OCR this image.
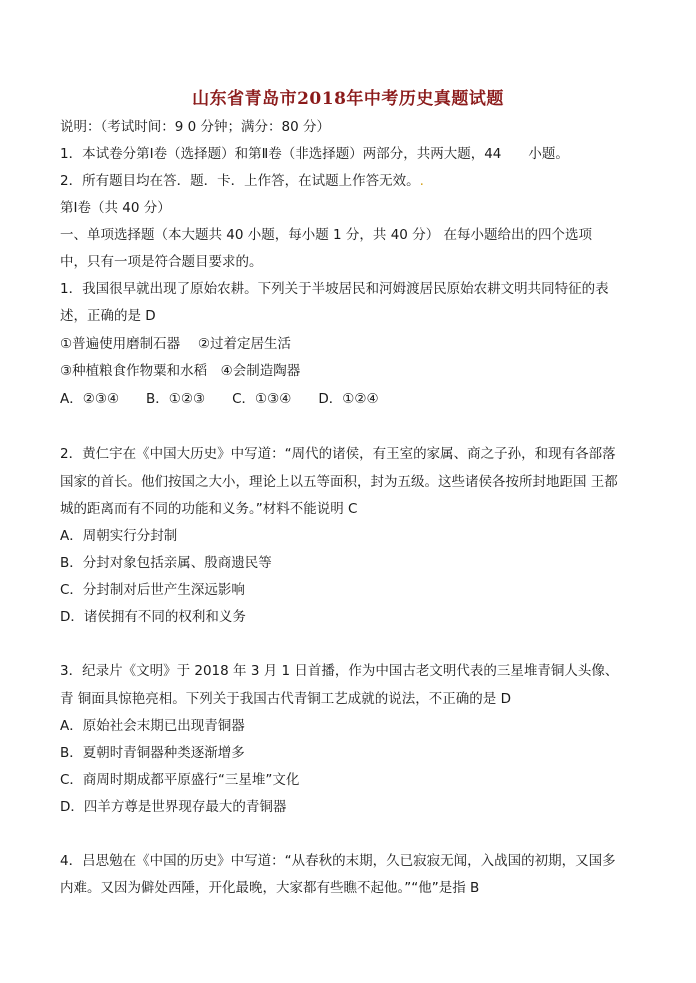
山东省青岛市2018年中考历史真题试题
说明：（考试时间：9 0 分钟；满分：80 分）
1．本试卷分第Ⅰ卷（选择题）和第Ⅱ卷（非选择题）两部分，共两大题，44　　小题。
2．所有题目均在答．题．卡．上作答，在试题上作答无效。.
第Ⅰ卷（共 40 分）
一、单项选择题（本大题共 40 小题，每小题 1 分，共 40 分） 在每小题给出的四个选项
中，只有一项是符合题目要求的。
1．我国很早就出现了原始农耕。下列关于半坡居民和河姆渡居民原始农耕文明共同特征的表
述，正确的是 D
①普遍使用磨制石器　 ②过着定居生活
③种植粮食作物粟和水稻　④会制造陶器
A．②③④　　B．①②③　　C．①③④　　D．①②④
2．黄仁宇在《中国大历史》中写道：“周代的诸侯，有王室的家属、商之子孙，和现有各部落
国家的首长。他们按国之大小，理论上以五等面积，封为五级。这些诸侯各按所封地距国 王都
城的距离而有不同的功能和义务。”材料不能说明 C
A．周朝实行分封制
B．分封对象包括亲属、殷商遗民等
C．分封制对后世产生深远影响
D．诸侯拥有不同的权利和义务
3．纪录片《文明》于 2018 年 3 月 1 日首播，作为中国古老文明代表的三星堆青铜人头像、
青 铜面具惊艳亮相。下列关于我国古代青铜工艺成就的说法，不正确的是 D
A．原始社会末期已出现青铜器
B．夏朝时青铜器种类逐渐增多
C．商周时期成都平原盛行“三星堆”文化
D．四羊方尊是世界现存最大的青铜器
4．吕思勉在《中国的历史》中写道：“从春秋的末期，久已寂寂无闻，入战国的初期，又国多
内难。又因为僻处西陲，开化最晚，大家都有些瞧不起他。”“他”是指 B
